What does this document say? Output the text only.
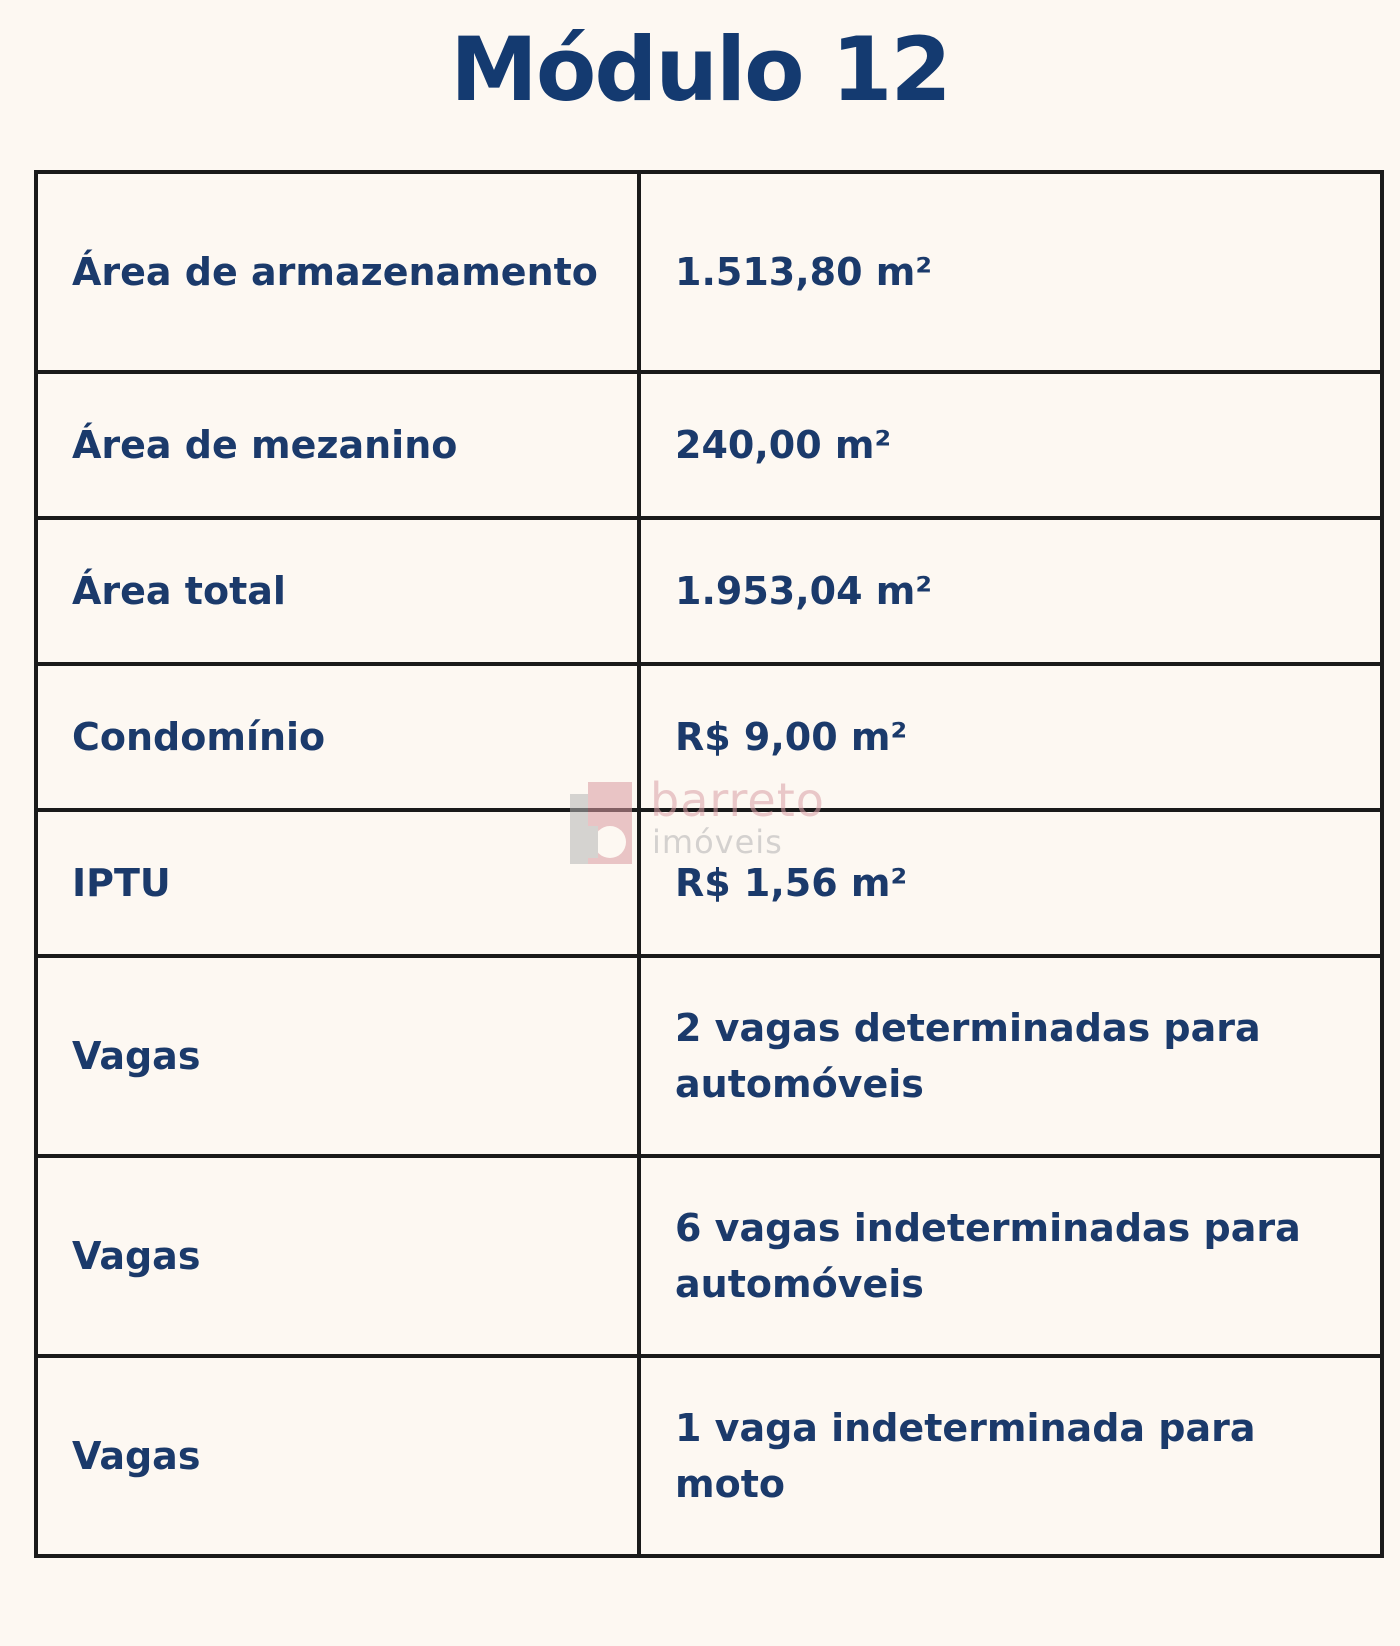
Módulo 12
Área de armazenamento	1.513,80 m²
Área de mezanino	240,00 m²
Área total	1.953,04 m²
Condomínio	R$ 9,00 m²
IPTU	R$ 1,56 m²
Vagas	2 vagas determinadas para automóveis
Vagas	6 vagas indeterminadas para automóveis
Vagas	1 vaga indeterminada para moto
barreto
imóveis
